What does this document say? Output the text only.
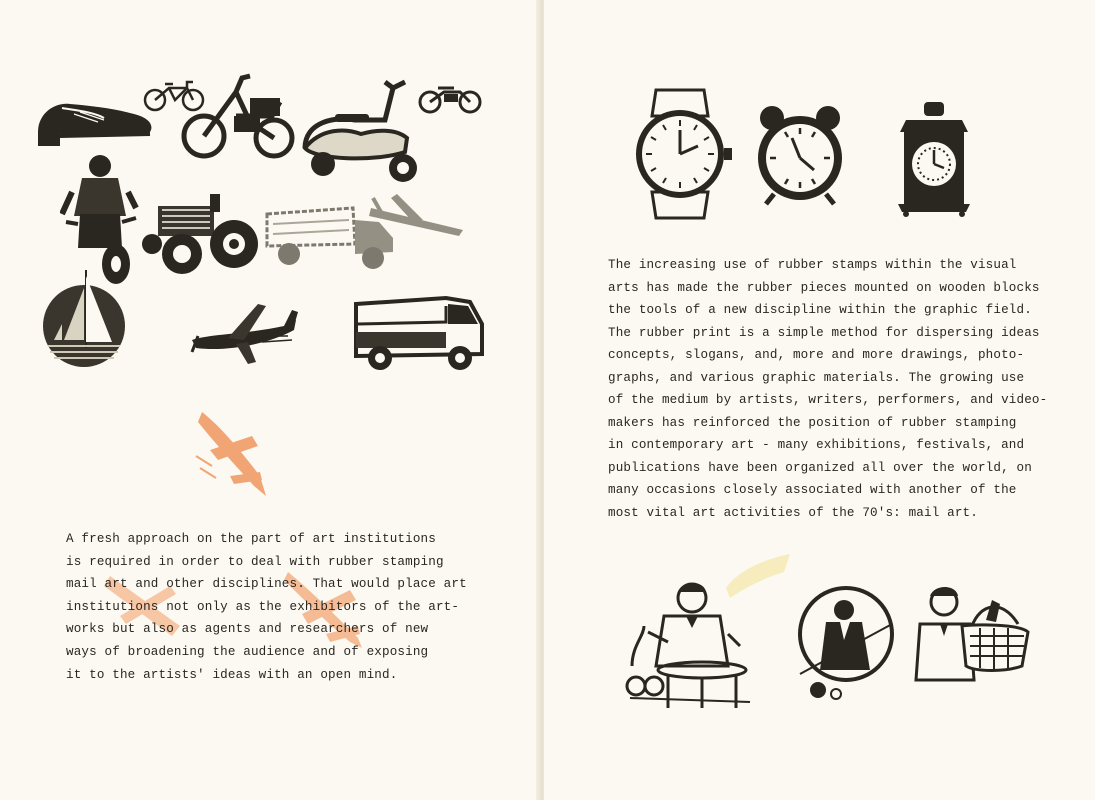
A fresh approach on the part of art institutions
is required in order to deal with rubber stamping
mail art and other disciplines. That would place art
institutions not only as the exhibitors of the art-
works but also as agents and researchers of new
ways of broadening the audience and of exposing
it to the artists' ideas with an open mind.
The increasing use of rubber stamps within the visual
arts has made the rubber pieces mounted on wooden blocks
the tools of a new discipline within the graphic field.
The rubber print is a simple method for dispersing ideas
concepts, slogans, and, more and more drawings, photo-
graphs, and various graphic materials. The growing use
of the medium by artists, writers, performers, and video-
makers has reinforced the position of rubber stamping
in contemporary art - many exhibitions, festivals, and
publications have been organized all over the world, on
many occasions closely associated with another of the
most vital art activities of the 70's: mail art.
